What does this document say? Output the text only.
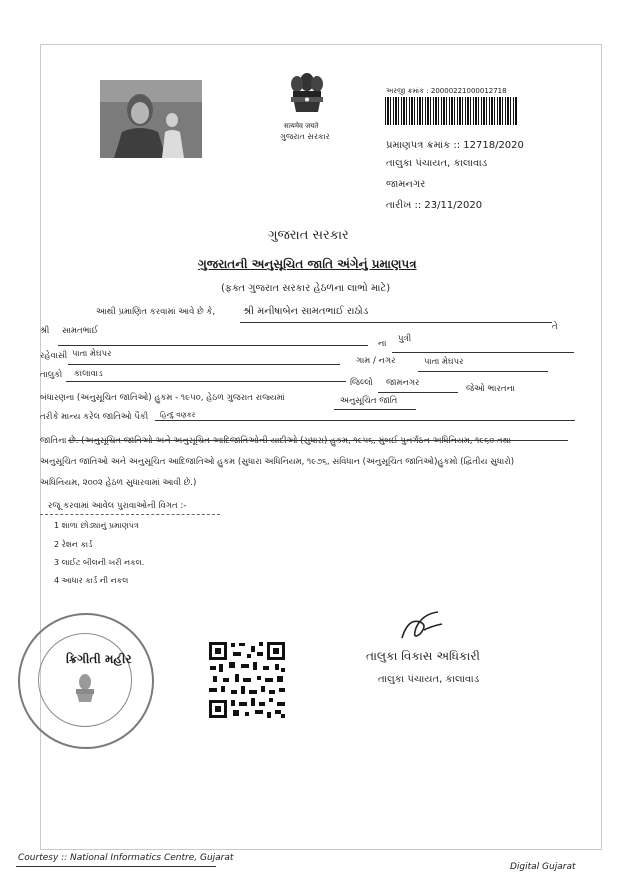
सत्यमेव जयते
ગુજરાત સરકાર
અરજી ક્રમાંક : 20000221000012718
પ્રમાણપત્ર ક્રમાંક :: 12718/2020
તાલુકા પંચાયત, કાલાવાડ
જામનગર
તારીખ :: 23/11/2020
ગુજરાત સરકાર
ગુજરાતની અનુસૂચિત જાતિ અંગેનું પ્રમાણપત્ર
(ફક્ત ગુજરાત સરકાર હેઠળના લાભો માટે)
આથી પ્રમાણિત કરવામાં આવે છે કે,	શ્રી મનીષાબેન સામતભાઈ રાઠોડ
તે
શ્રી સામતભાઈ
ના પુત્રી
રહેવાસી પાતા મેઘપર
ગામ / નગર	પાતા મેઘપર
તાલુકો કાલાવાડ
જિલ્લો જામનગર
જેઓ ભારતના
બંધારણના (અનુસૂચિત જાતિઓ) હુકમ - ૧૯૫૦, હેઠળ ગુજરાત રાજ્યમાં	અનુસૂચિત જાતિ
તરીકે માન્ય કરેલ જાતિઓ પૈકી હિન્દુ વણકર
જાતિના છે. (અનુસૂચિત જાતિઓ અને અનુસૂચિત આદિજાતિઓની યાદીઓ (સુધારા) હુકમ, ૧૯૫૬, મુંબઈ પુનર્ગઠન અધિનિયમ, ૧૯૬૦ તથા
અનુસૂચિત જાતિઓ અને અનુસૂચિત આદિજાતિઓ હુકમ (સુધારા અધિનિયમ, ૧૯૭૬, સંવિધાન (અનુસૂચિત જાતિઓ)હુકમો (દ્વિતીય સુધારો)
અધિનિયમ, ૨૦૦૨ હેઠળ સુધારવામાં આવી છે.)
રજૂ કરવામાં આવેલ પુરાવાઓની વિગત :-
1 શાળા છોડ્યાનું પ્રમાણપત્ર
2 રેશન કાર્ડ
3 લાઈટ બીલની ખરી નકલ.
4 આધાર કાર્ડ ની નકલ
ક્રિગીતી મહીર	તાલુકા વિકાસ અધિકારી
તાલુકા પંચાયત, કાલાવાડ
Courtesy :: National Informatics Centre, Gujarat
Digital Gujarat
